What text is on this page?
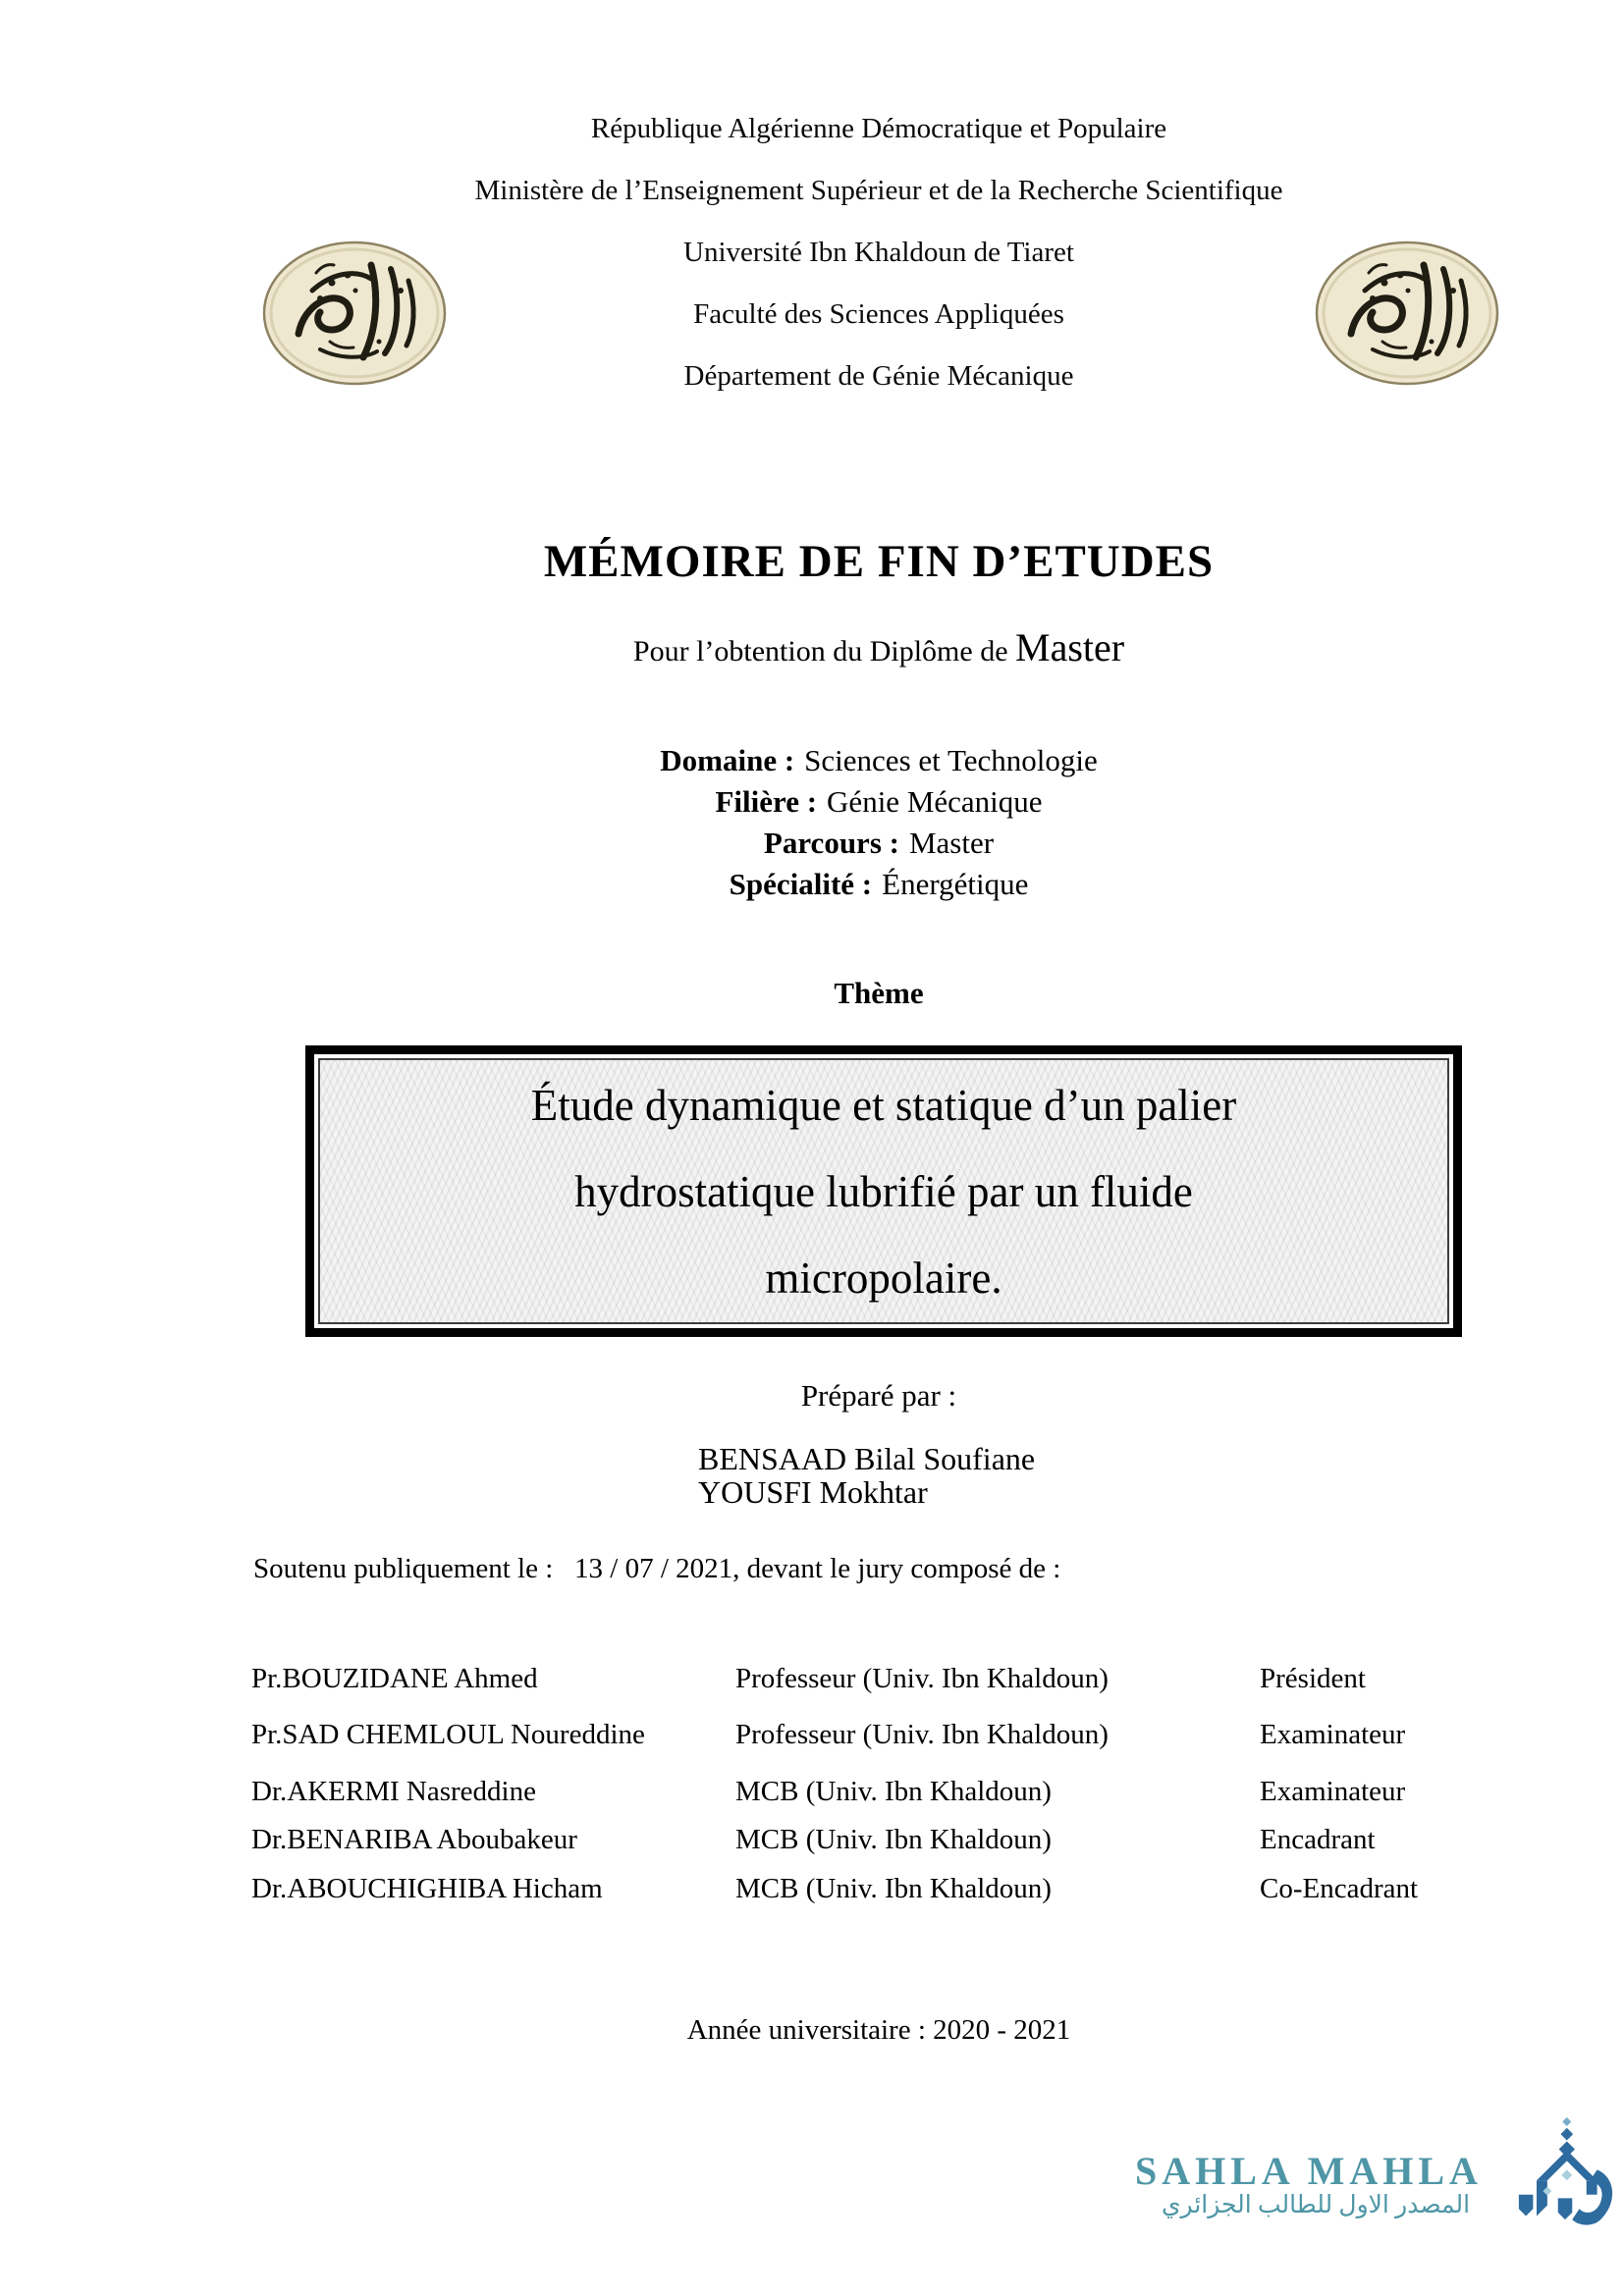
République Algérienne Démocratique et Populaire
Ministère de l’Enseignement Supérieur et de la Recherche Scientifique
Université Ibn Khaldoun de Tiaret
Faculté des Sciences Appliquées
Département de Génie Mécanique
MÉMOIRE DE FIN D’ETUDES
Pour l’obtention du Diplôme de Master
Domaine : Sciences et Technologie
Filière : Génie Mécanique
Parcours : Master
Spécialité : Énergétique
Thème
Étude dynamique et statique d’un palier
hydrostatique lubrifié par un fluide
micropolaire.
Préparé par :
BENSAAD Bilal Soufiane
YOUSFI Mokhtar
Soutenu publiquement le :   13 / 07 / 2021, devant le jury composé de :
Pr.BOUZIDANE Ahmed	Professeur (Univ. Ibn Khaldoun)	Président
Pr.SAD CHEMLOUL Noureddine	Professeur (Univ. Ibn Khaldoun)	Examinateur
Dr.AKERMI Nasreddine	MCB (Univ. Ibn Khaldoun)	Examinateur
Dr.BENARIBA Aboubakeur	MCB (Univ. Ibn Khaldoun)	Encadrant
Dr.ABOUCHIGHIBA Hicham	MCB (Univ. Ibn Khaldoun)	Co-Encadrant
Année universitaire : 2020 - 2021
SAHLA MAHLA
المصدر الاول للطالب الجزائري
